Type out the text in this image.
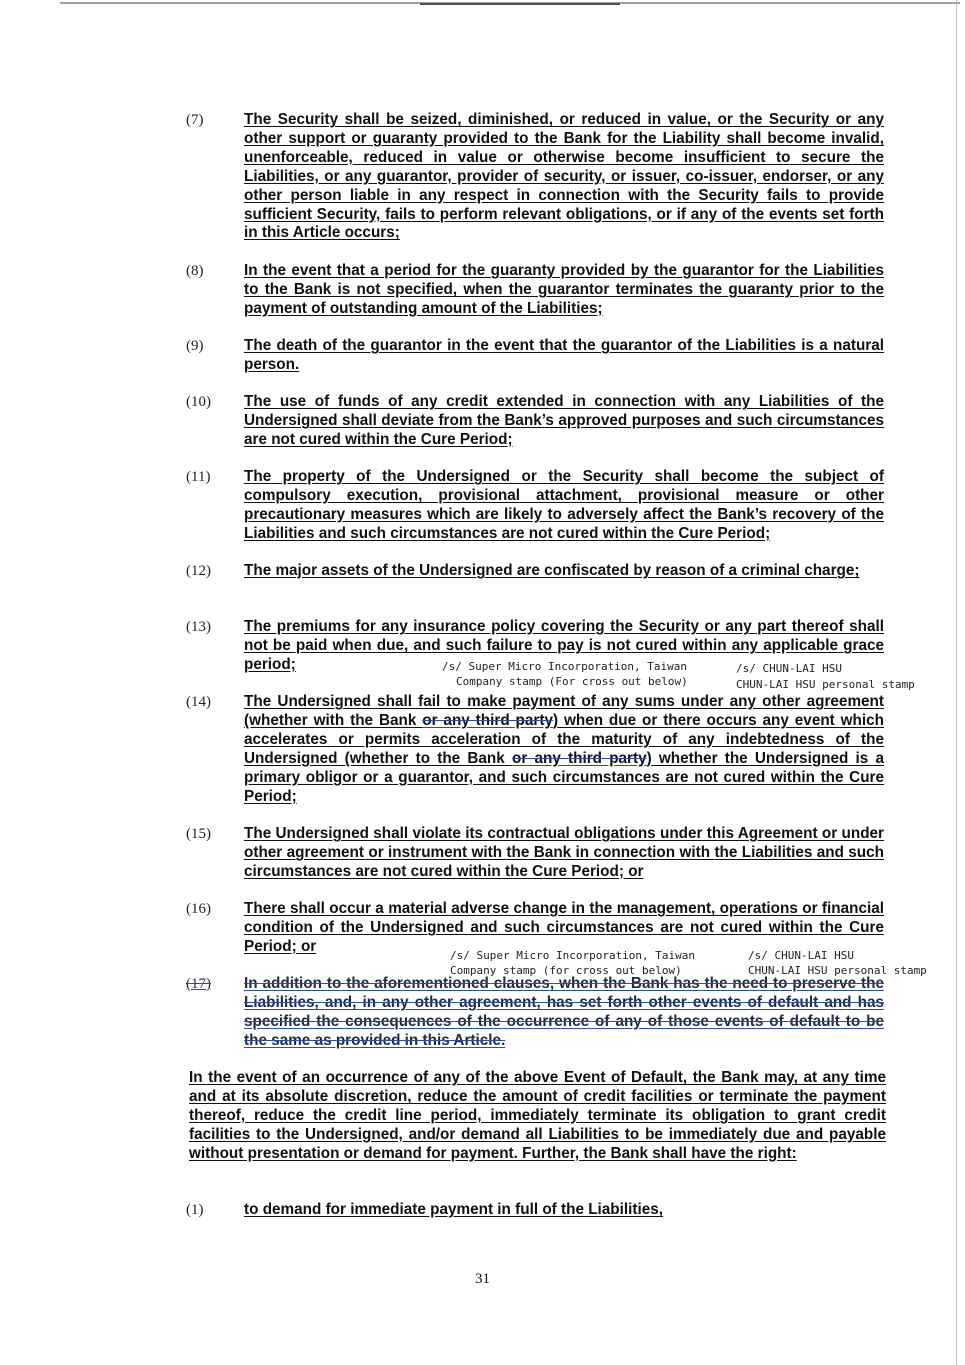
(7)	The Security shall be seized, diminished, or reduced in value, or the Security or any other support or guaranty provided to the Bank for the Liability shall become invalid, unenforceable, reduced in value or otherwise become insufficient to secure the Liabilities, or any guarantor, provider of security, or issuer, co-issuer, endorser, or any other person liable in any respect in connection with the Security fails to provide sufficient Security, fails to perform relevant obligations, or if any of the events set forth in this Article occurs;
(8)	In the event that a period for the guaranty provided by the guarantor for the Liabilities to the Bank is not specified, when the guarantor terminates the guaranty prior to the payment of outstanding amount of the Liabilities;
(9)	The death of the guarantor in the event that the guarantor of the Liabilities is a natural person.
(10)	The use of funds of any credit extended in connection with any Liabilities of the Undersigned shall deviate from the Bank’s approved purposes and such circumstances are not cured within the Cure Period;
(11)	The property of the Undersigned or the Security shall become the subject of compulsory execution, provisional attachment, provisional measure or other precautionary measures which are likely to adversely affect the Bank’s recovery of the Liabilities and such circumstances are not cured within the Cure Period;
(12)	The major assets of the Undersigned are confiscated by reason of a criminal charge;
(13)	The premiums for any insurance policy covering the Security or any part thereof shall not be paid when due, and such failure to pay is not cured within any applicable grace period;	/s/ Super Micro Incorporation, Taiwan
Company stamp (For cross out below)
/s/ CHUN-LAI HSU
CHUN-LAI HSU personal stamp
(14)	The Undersigned shall fail to make payment of any sums under any other agreement (whether with the Bank or any third party) when due or there occurs any event which accelerates or permits acceleration of the maturity of any indebtedness of the Undersigned (whether to the Bank or any third party) whether the Undersigned is a primary obligor or a guarantor, and such circumstances are not cured within the Cure Period;
(15)	The Undersigned shall violate its contractual obligations under this Agreement or under other agreement or instrument with the Bank in connection with the Liabilities and such circumstances are not cured within the Cure Period; or
(16)	There shall occur a material adverse change in the management, operations or financial condition of the Undersigned and such circumstances are not cured within the Cure Period; or
/s/ Super Micro Incorporation, Taiwan
Company stamp (for cross out below)
/s/ CHUN-LAI HSU
CHUN-LAI HSU personal stamp
(17)	In addition to the aforementioned clauses, when the Bank has the need to preserve the Liabilities, and, in any other agreement, has set forth other events of default and has specified the consequences of the occurrence of any of those events of default to be the same as provided in this Article.
In the event of an occurrence of any of the above Event of Default, the Bank may, at any time and at its absolute discretion, reduce the amount of credit facilities or terminate the payment thereof, reduce the credit line period, immediately terminate its obligation to grant credit facilities to the Undersigned, and/or demand all Liabilities to be immediately due and payable without presentation or demand for payment. Further, the Bank shall have the right:
(1)	to demand for immediate payment in full of the Liabilities,
31
